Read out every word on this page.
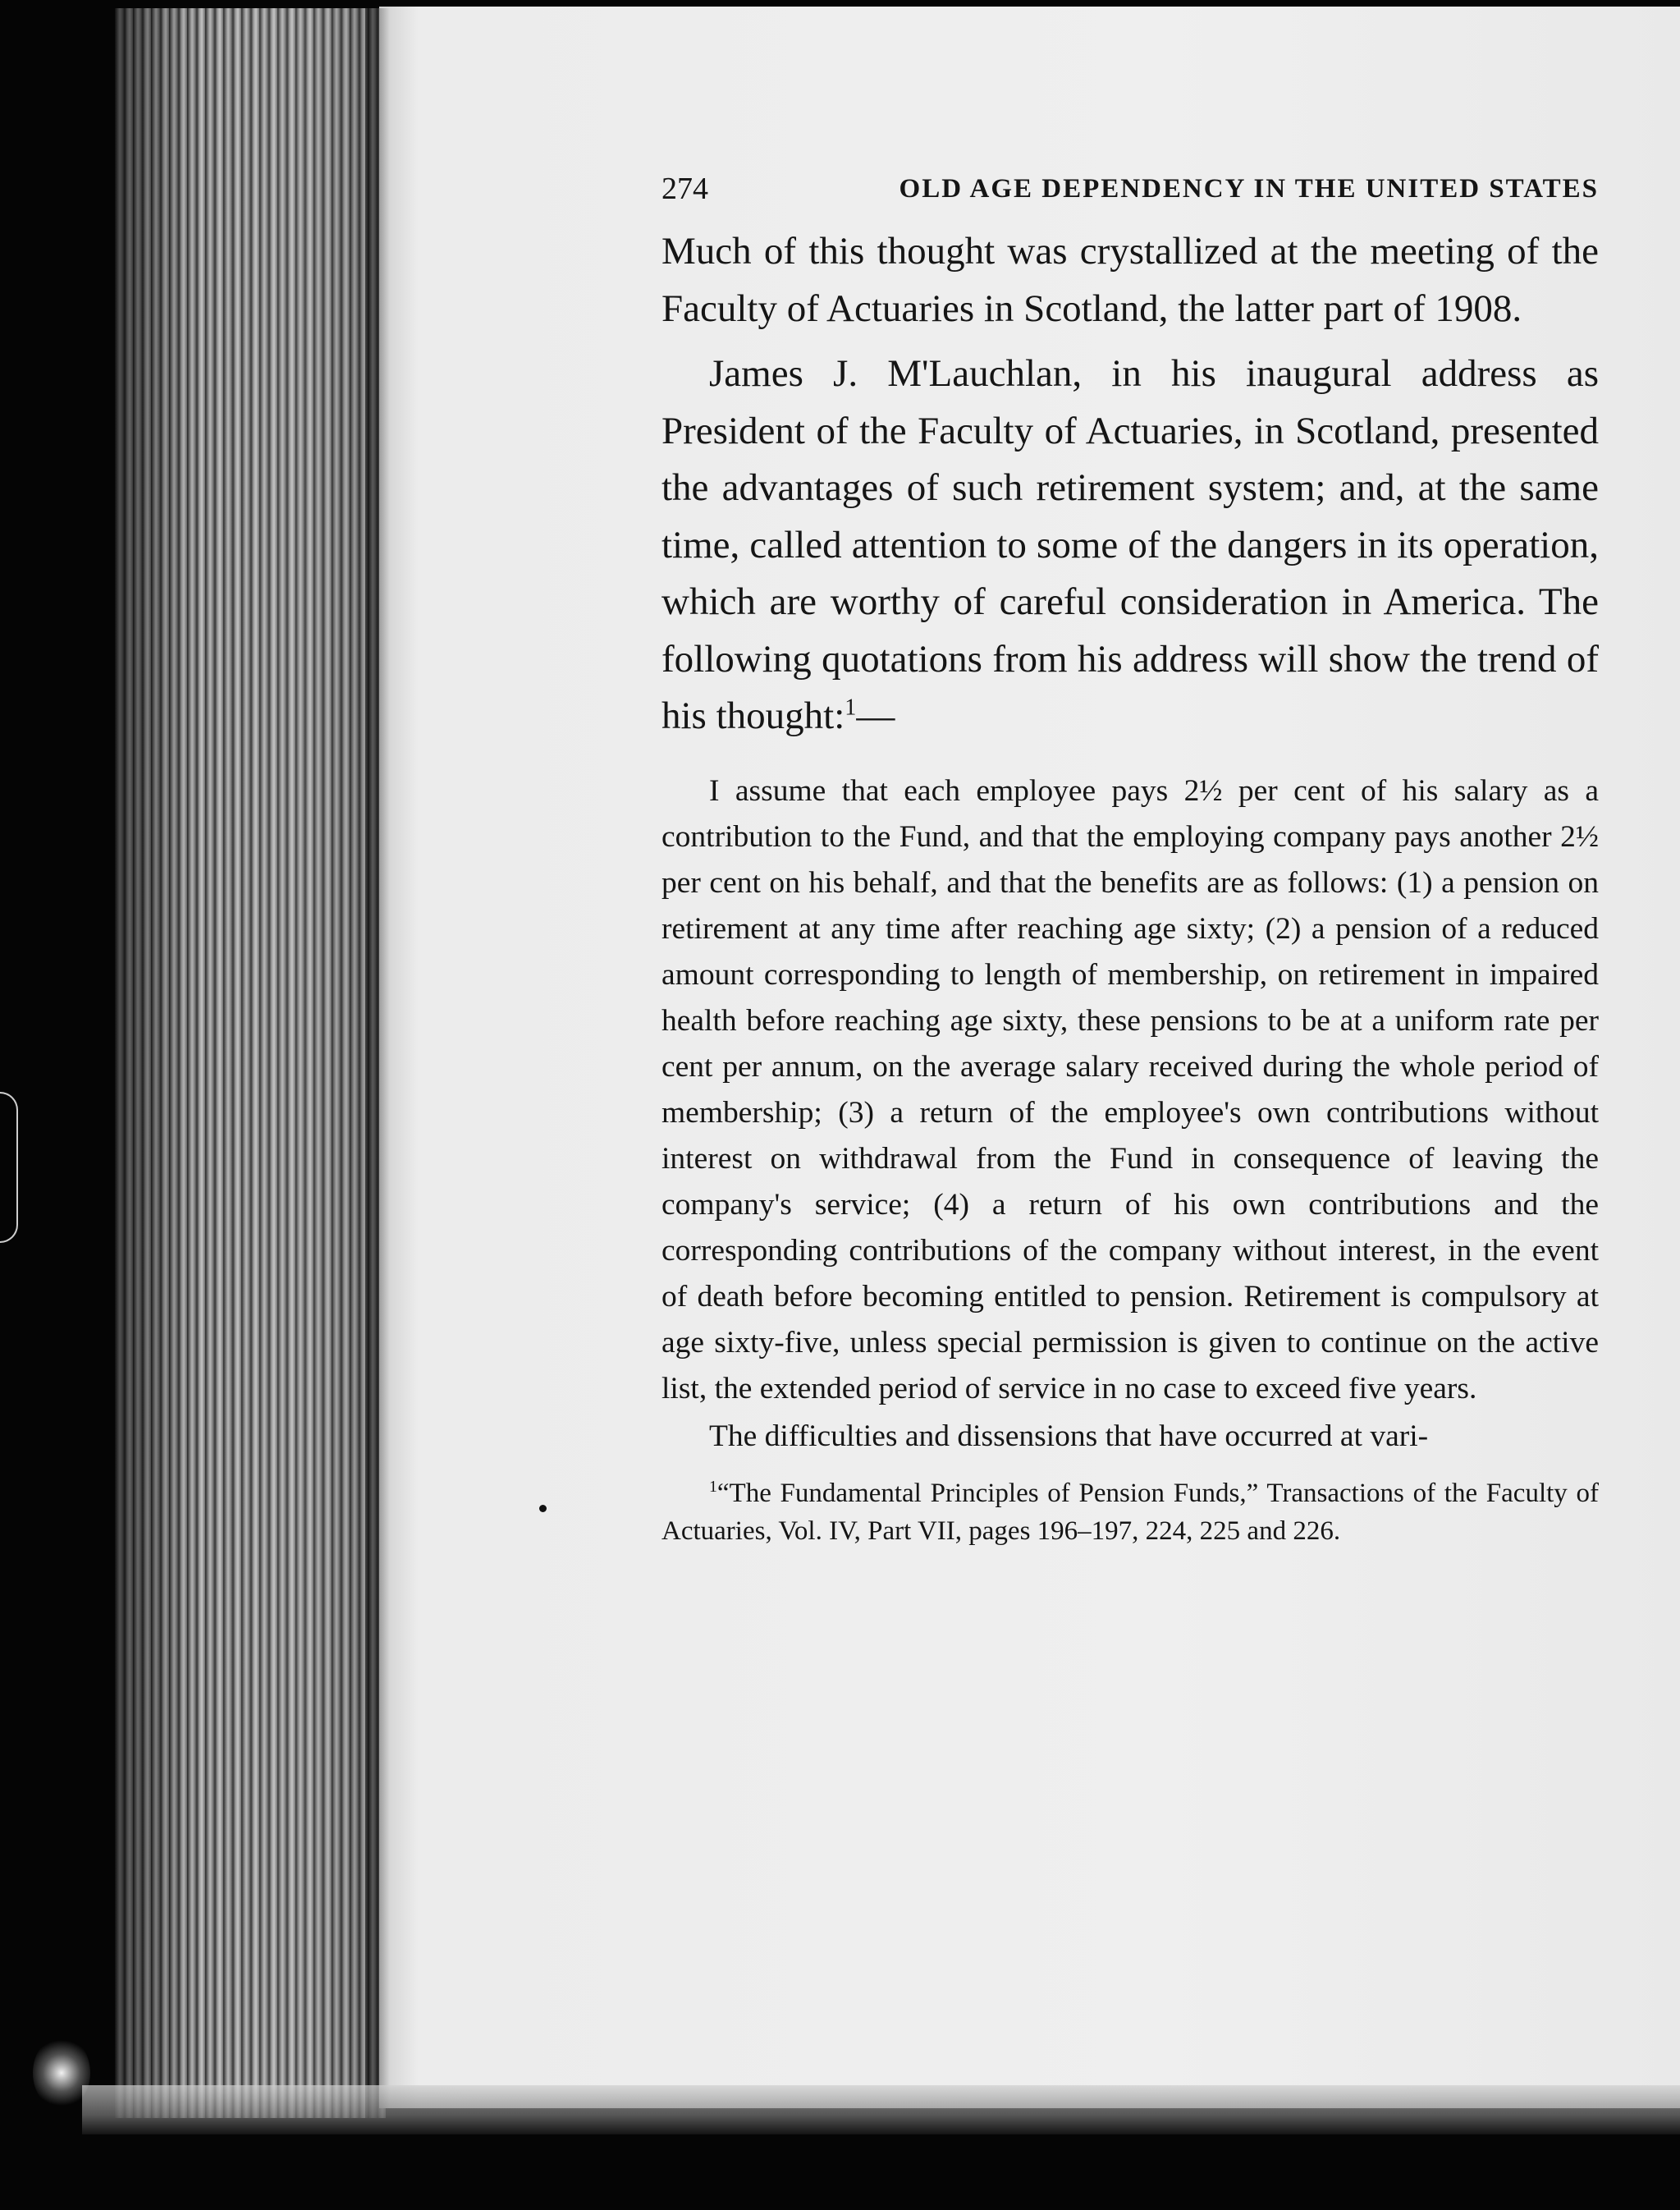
274	OLD AGE DEPENDENCY IN THE UNITED STATES

Much of this thought was crystallized at the meeting of the Faculty of Actuaries in Scotland, the latter part of 1908.

James J. M'Lauchlan, in his inaugural address as President of the Faculty of Actuaries, in Scotland, presented the advantages of such retirement system; and, at the same time, called attention to some of the dangers in its operation, which are worthy of careful consideration in America. The following quotations from his address will show the trend of his thought:$^1$—

I assume that each employee pays 2½ per cent of his salary as a contribution to the Fund, and that the employing company pays another 2½ per cent on his behalf, and that the benefits are as follows: (1) a pension on retirement at any time after reaching age sixty; (2) a pension of a reduced amount corresponding to length of membership, on retirement in impaired health before reaching age sixty, these pensions to be at a uniform rate per cent per annum, on the average salary received during the whole period of membership; (3) a return of the employee's own contributions without interest on withdrawal from the Fund in consequence of leaving the company's service; (4) a return of his own contributions and the corresponding contributions of the company without interest, in the event of death before becoming entitled to pension. Retirement is compulsory at age sixty-five, unless special permission is given to continue on the active list, the extended period of service in no case to exceed five years.

The difficulties and dissensions that have occurred at vari-

$^1$“The Fundamental Principles of Pension Funds,” Transactions of the Faculty of Actuaries, Vol. IV, Part VII, pages 196–197, 224, 225 and 226.
